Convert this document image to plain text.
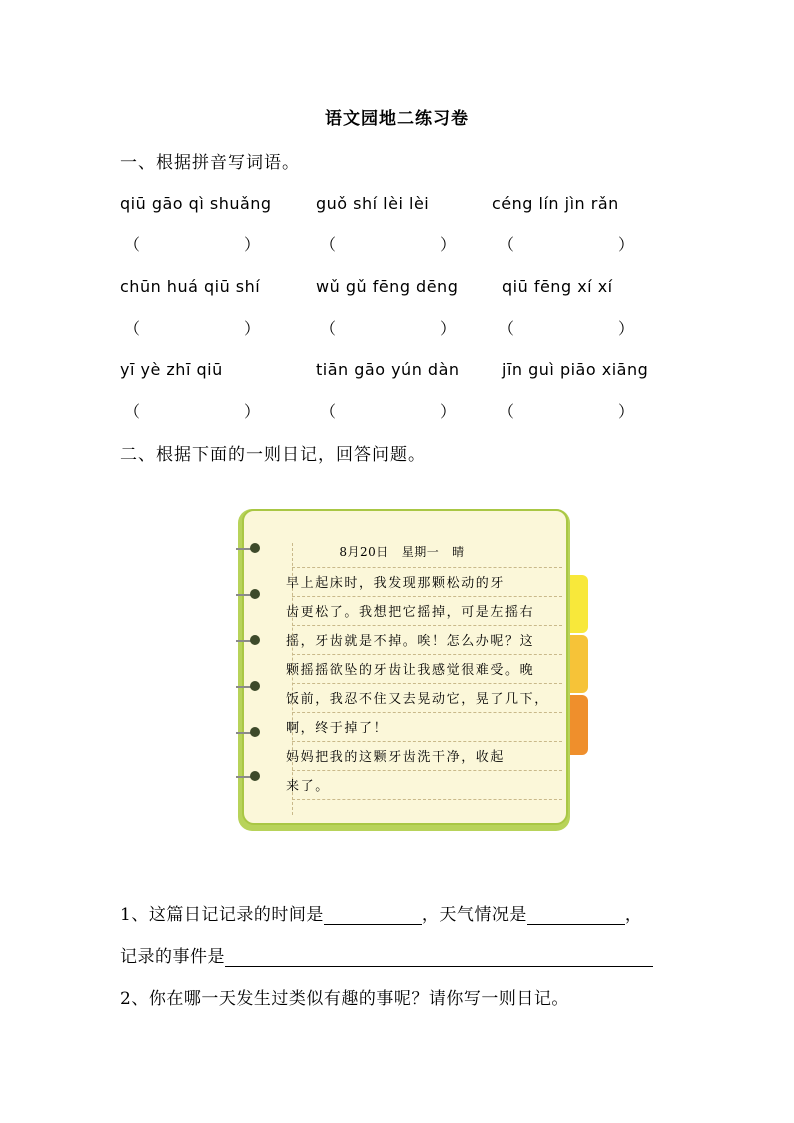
语文园地二练习卷
一、根据拼音写词语。
qiū gāo qì shuǎng	guǒ shí lèi lèi	céng lín jìn rǎn
（	）	（	）	（	）
chūn huá qiū shí	wǔ gǔ fēng dēng	qiū fēng xí xí
（	）	（	）	（	）
yī yè zhī qiū	tiān gāo yún dàn	jīn guì piāo xiāng
（	）	（	）	（	）
二、根据下面的一则日记，回答问题。
8月20日   星期一   晴
早上起床时，我发现那颗松动的牙
齿更松了。我想把它摇掉，可是左摇右
摇，牙齿就是不掉。唉！怎么办呢？这
颗摇摇欲坠的牙齿让我感觉很难受。晚
饭前，我忍不住又去晃动它，晃了几下，
啊，终于掉了！
妈妈把我的这颗牙齿洗干净，收起
来了。
1、这篇日记记录的时间是	，天气情况是	，
记录的事件是
2、你在哪一天发生过类似有趣的事呢？请你写一则日记。
